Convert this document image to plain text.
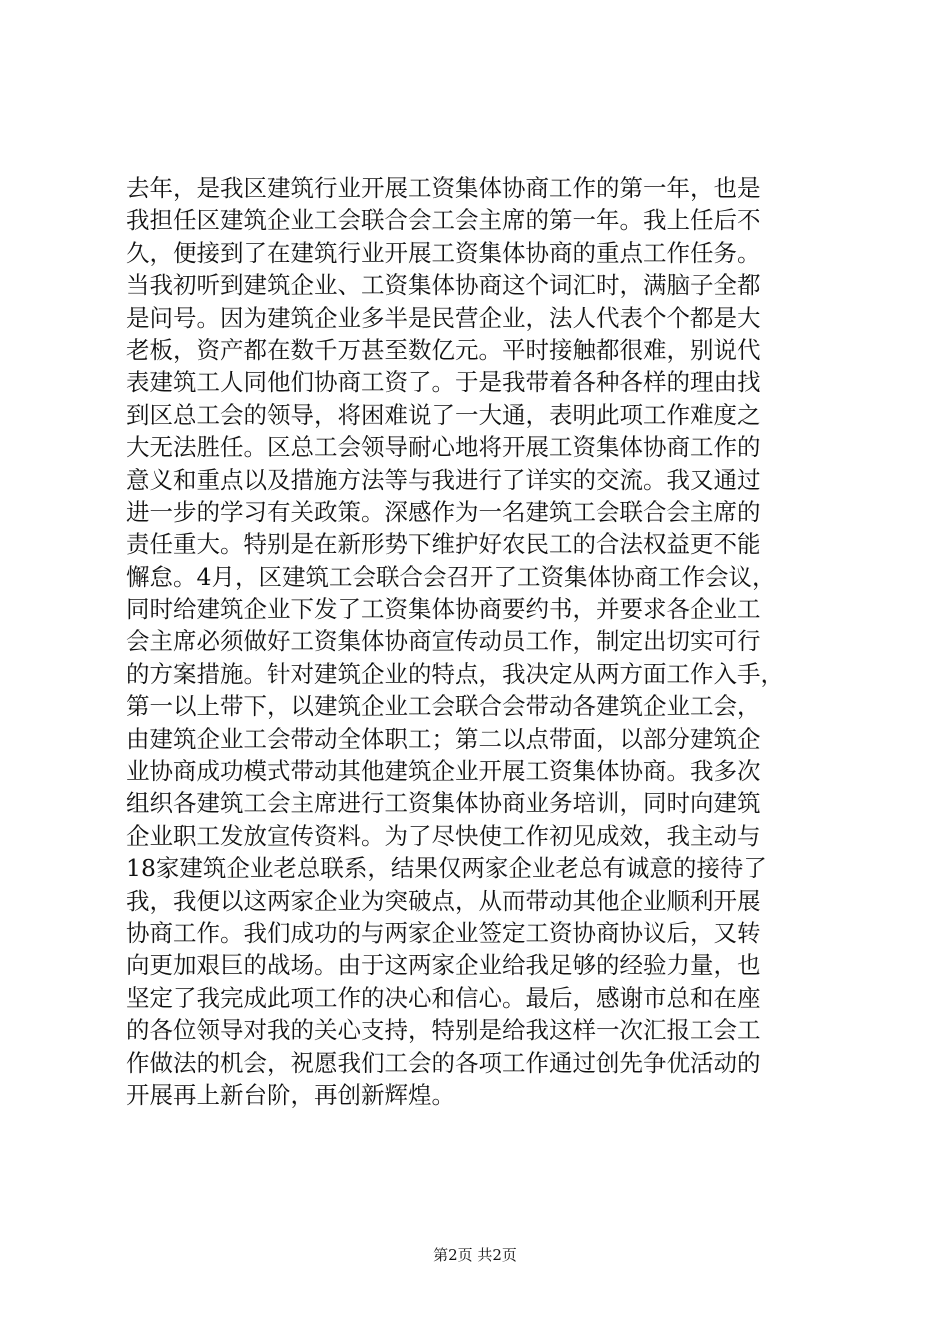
去年，是我区建筑行业开展工资集体协商工作的第一年，也是
我担任区建筑企业工会联合会工会主席的第一年。我上任后不
久，便接到了在建筑行业开展工资集体协商的重点工作任务。
当我初听到建筑企业、工资集体协商这个词汇时，满脑子全都
是问号。因为建筑企业多半是民营企业，法人代表个个都是大
老板，资产都在数千万甚至数亿元。平时接触都很难，别说代
表建筑工人同他们协商工资了。于是我带着各种各样的理由找
到区总工会的领导，将困难说了一大通，表明此项工作难度之
大无法胜任。区总工会领导耐心地将开展工资集体协商工作的
意义和重点以及措施方法等与我进行了详实的交流。我又通过
进一步的学习有关政策。深感作为一名建筑工会联合会主席的
责任重大。特别是在新形势下维护好农民工的合法权益更不能
懈怠。4月，区建筑工会联合会召开了工资集体协商工作会议，
同时给建筑企业下发了工资集体协商要约书，并要求各企业工
会主席必须做好工资集体协商宣传动员工作，制定出切实可行
的方案措施。针对建筑企业的特点，我决定从两方面工作入手，
第一以上带下，以建筑企业工会联合会带动各建筑企业工会，
由建筑企业工会带动全体职工；第二以点带面，以部分建筑企
业协商成功模式带动其他建筑企业开展工资集体协商。我多次
组织各建筑工会主席进行工资集体协商业务培训，同时向建筑
企业职工发放宣传资料。为了尽快使工作初见成效，我主动与
18家建筑企业老总联系，结果仅两家企业老总有诚意的接待了
我，我便以这两家企业为突破点，从而带动其他企业顺利开展
协商工作。我们成功的与两家企业签定工资协商协议后，又转
向更加艰巨的战场。由于这两家企业给我足够的经验力量，也
坚定了我完成此项工作的决心和信心。最后，感谢市总和在座
的各位领导对我的关心支持，特别是给我这样一次汇报工会工
作做法的机会，祝愿我们工会的各项工作通过创先争优活动的
开展再上新台阶，再创新辉煌。
第2页 共2页
